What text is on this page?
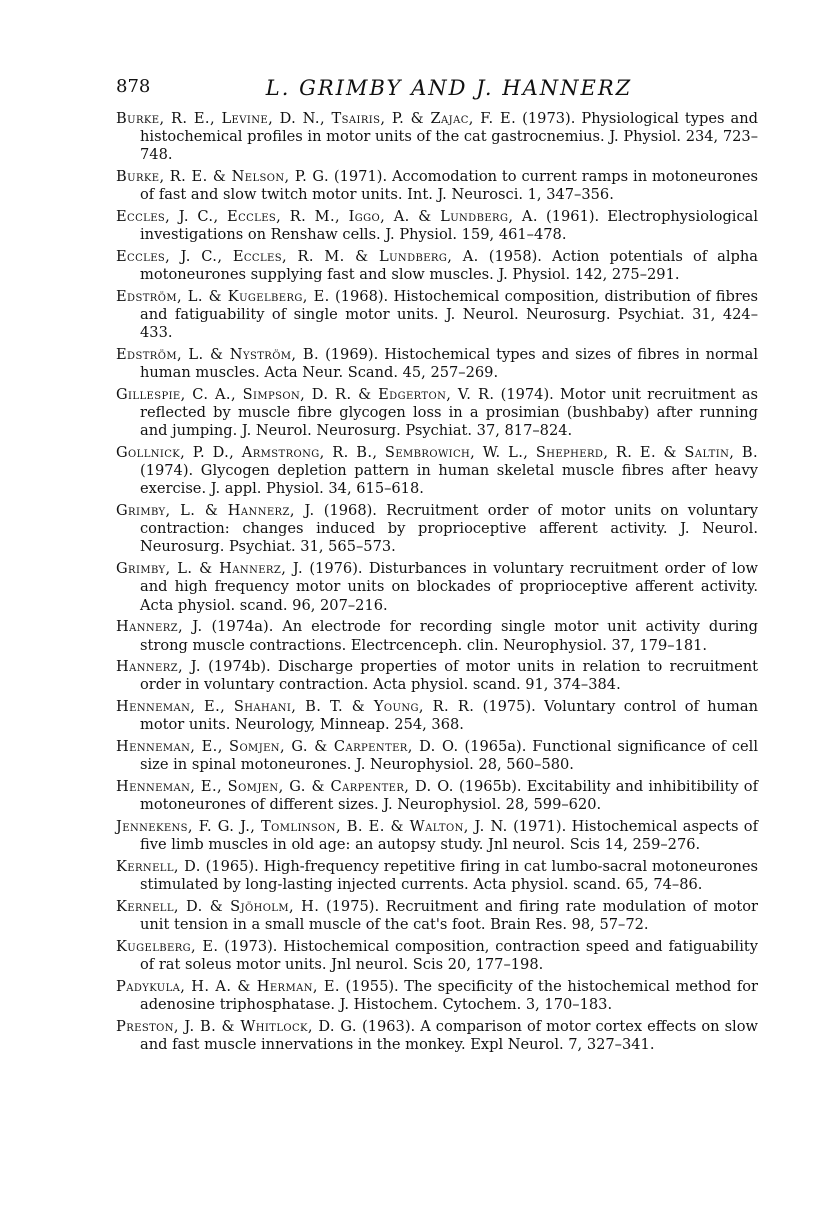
878	L. GRIMBY AND J. HANNERZ

Burke, R. E., Levine, D. N., Tsairis, P. & Zajac, F. E. (1973). Physiological types and histochemical profiles in motor units of the cat gastrocnemius. J. Physiol. 234, 723–748.

Burke, R. E. & Nelson, P. G. (1971). Accomodation to current ramps in motoneurones of fast and slow twitch motor units. Int. J. Neurosci. 1, 347–356.

Eccles, J. C., Eccles, R. M., Iggo, A. & Lundberg, A. (1961). Electrophysiological investigations on Renshaw cells. J. Physiol. 159, 461–478.

Eccles, J. C., Eccles, R. M. & Lundberg, A. (1958). Action potentials of alpha motoneurones supplying fast and slow muscles. J. Physiol. 142, 275–291.

Edström, L. & Kugelberg, E. (1968). Histochemical composition, distribution of fibres and fatiguability of single motor units. J. Neurol. Neurosurg. Psychiat. 31, 424–433.

Edström, L. & Nyström, B. (1969). Histochemical types and sizes of fibres in normal human muscles. Acta Neur. Scand. 45, 257–269.

Gillespie, C. A., Simpson, D. R. & Edgerton, V. R. (1974). Motor unit recruitment as reflected by muscle fibre glycogen loss in a prosimian (bushbaby) after running and jumping. J. Neurol. Neurosurg. Psychiat. 37, 817–824.

Gollnick, P. D., Armstrong, R. B., Sembrowich, W. L., Shepherd, R. E. & Saltin, B. (1974). Glycogen depletion pattern in human skeletal muscle fibres after heavy exercise. J. appl. Physiol. 34, 615–618.

Grimby, L. & Hannerz, J. (1968). Recruitment order of motor units on voluntary contraction: changes induced by proprioceptive afferent activity. J. Neurol. Neurosurg. Psychiat. 31, 565–573.

Grimby, L. & Hannerz, J. (1976). Disturbances in voluntary recruitment order of low and high frequency motor units on blockades of proprioceptive afferent activity. Acta physiol. scand. 96, 207–216.

Hannerz, J. (1974a). An electrode for recording single motor unit activity during strong muscle contractions. Electrcenceph. clin. Neurophysiol. 37, 179–181.

Hannerz, J. (1974b). Discharge properties of motor units in relation to recruitment order in voluntary contraction. Acta physiol. scand. 91, 374–384.

Henneman, E., Shahani, B. T. & Young, R. R. (1975). Voluntary control of human motor units. Neurology, Minneap. 254, 368.

Henneman, E., Somjen, G. & Carpenter, D. O. (1965a). Functional significance of cell size in spinal motoneurones. J. Neurophysiol. 28, 560–580.

Henneman, E., Somjen, G. & Carpenter, D. O. (1965b). Excitability and inhibitibility of motoneurones of different sizes. J. Neurophysiol. 28, 599–620.

Jennekens, F. G. J., Tomlinson, B. E. & Walton, J. N. (1971). Histochemical aspects of five limb muscles in old age: an autopsy study. Jnl neurol. Scis 14, 259–276.

Kernell, D. (1965). High-frequency repetitive firing in cat lumbo-sacral motoneurones stimulated by long-lasting injected currents. Acta physiol. scand. 65, 74–86.

Kernell, D. & Sjöholm, H. (1975). Recruitment and firing rate modulation of motor unit tension in a small muscle of the cat's foot. Brain Res. 98, 57–72.

Kugelberg, E. (1973). Histochemical composition, contraction speed and fatiguability of rat soleus motor units. Jnl neurol. Scis 20, 177–198.

Padykula, H. A. & Herman, E. (1955). The specificity of the histochemical method for adenosine triphosphatase. J. Histochem. Cytochem. 3, 170–183.

Preston, J. B. & Whitlock, D. G. (1963). A comparison of motor cortex effects on slow and fast muscle innervations in the monkey. Expl Neurol. 7, 327–341.
